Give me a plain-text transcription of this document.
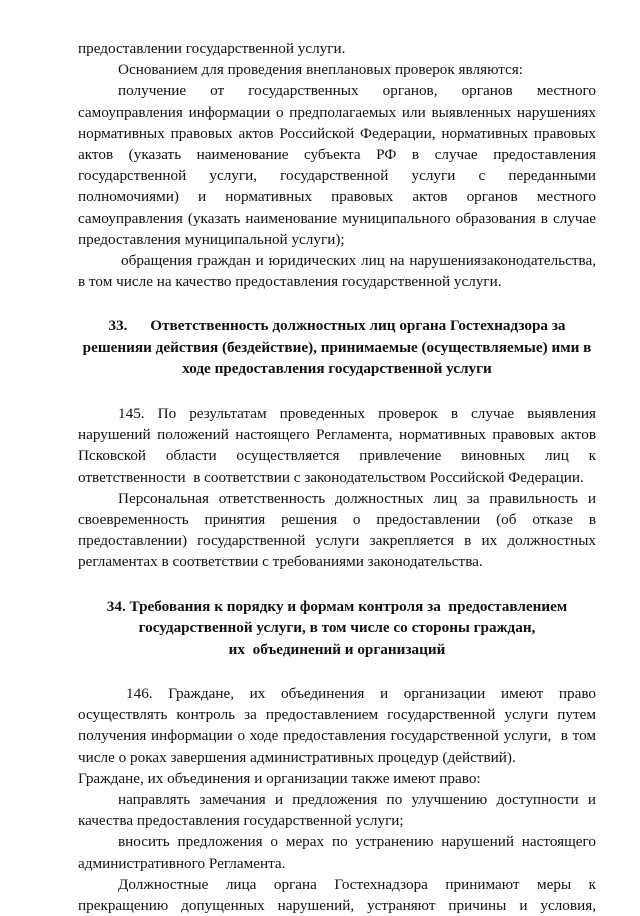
предоставлении государственной услуги.
Основанием для проведения внеплановых проверок являются:
получение от государственных органов, органов местного
самоуправления информации о предполагаемых или выявленных нарушениях
нормативных правовых актов Российской Федерации, нормативных правовых
актов (указать наименование субъекта РФ в случае предоставления
государственной услуги, государственной услуги с переданными
полномочиями) и нормативных правовых актов органов местного
самоуправления (указать наименование муниципального образования в случае
предоставления муниципальной услуги);
обращения граждан и юридических лиц на нарушениязаконодательства,
в том числе на качество предоставления государственной услуги.
33.      Ответственность должностных лиц органа Гостехнадзора за
решенияи действия (бездействие), принимаемые (осуществляемые) ими в
ходе предоставления государственной услуги
145. По результатам проведенных проверок в случае выявления
нарушений положений настоящего Регламента, нормативных правовых актов
Псковской области осуществляется привлечение виновных лиц к
ответственности  в соответствии с законодательством Российской Федерации.
Персональная ответственность должностных лиц за правильность и
своевременность принятия решения о предоставлении (об отказе в
предоставлении) государственной услуги закрепляется в их должностных
регламентах в соответствии с требованиями законодательства.
34. Требования к порядку и формам контроля за  предоставлением
государственной услуги, в том числе со стороны граждан,
их  объединений и организаций
146. Граждане, их объединения и организации имеют право
осуществлять контроль за предоставлением государственной услуги путем
получения информации о ходе предоставления государственной услуги,  в том
числе о роках завершения административных процедур (действий).
Граждане, их объединения и организации также имеют право:
направлять замечания и предложения по улучшению доступности и
качества предоставления государственной услуги;
вносить предложения о мерах по устранению нарушений настоящего
административного Регламента.
Должностные лица органа Гостехнадзора принимают меры к
прекращению допущенных нарушений, устраняют причины и условия,
